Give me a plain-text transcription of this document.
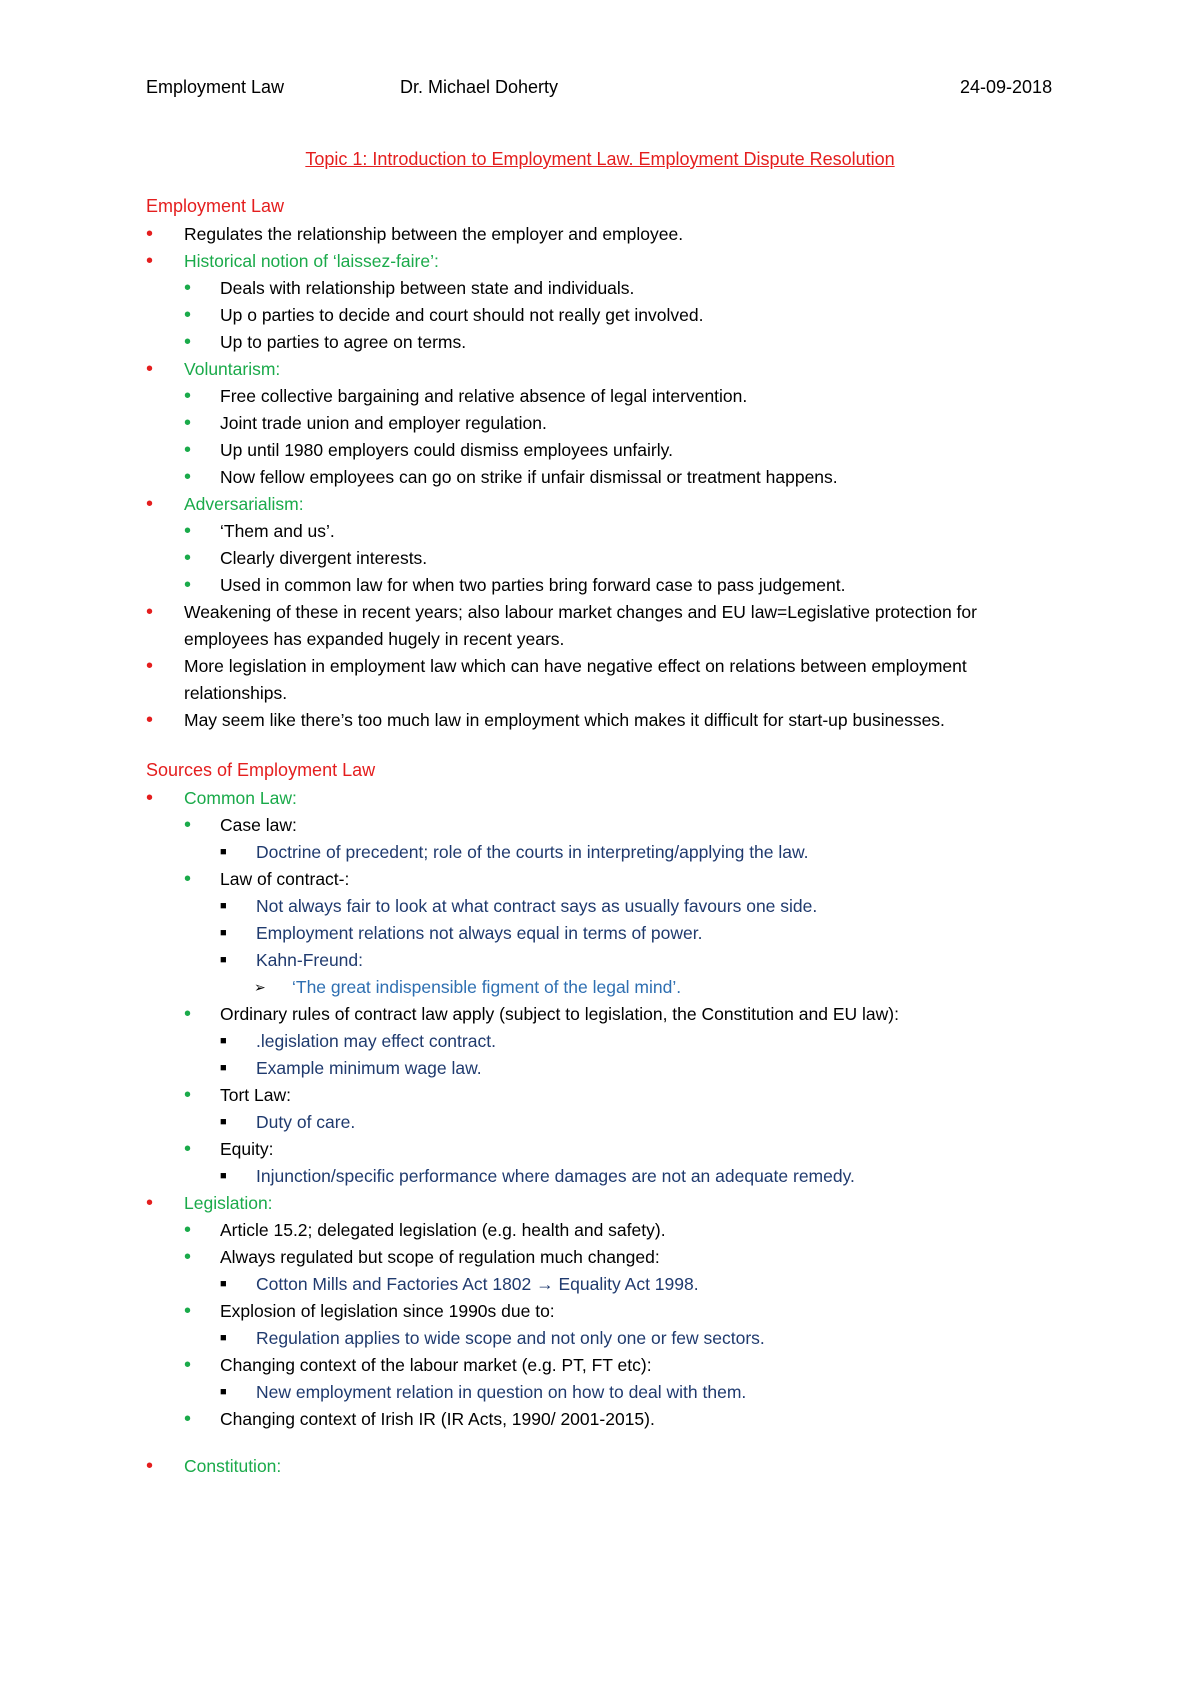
Employment Law	Dr. Michael Doherty	24-09-2018
Topic 1: Introduction to Employment Law. Employment Dispute Resolution
Employment Law
• Regulates the relationship between the employer and employee.
• Historical notion of ‘laissez-faire’:
• Deals with relationship between state and individuals.
• Up o parties to decide and court should not really get involved.
• Up to parties to agree on terms.
• Voluntarism:
• Free collective bargaining and relative absence of legal intervention.
• Joint trade union and employer regulation.
• Up until 1980 employers could dismiss employees unfairly.
• Now fellow employees can go on strike if unfair dismissal or treatment happens.
• Adversarialism:
• ‘Them and us’.
• Clearly divergent interests.
• Used in common law for when two parties bring forward case to pass judgement.
• Weakening of these in recent years; also labour market changes and EU law=Legislative protection for employees has expanded hugely in recent years.
• More legislation in employment law which can have negative effect on relations between employment relationships.
• May seem like there’s too much law in employment which makes it difficult for start-up businesses.
Sources of Employment Law
• Common Law:
• Case law:
■ Doctrine of precedent; role of the courts in interpreting/applying the law.
• Law of contract-:
■ Not always fair to look at what contract says as usually favours one side.
■ Employment relations not always equal in terms of power.
■ Kahn-Freund:
➢ ‘The great indispensible figment of the legal mind’.
• Ordinary rules of contract law apply (subject to legislation, the Constitution and EU law):
■ .legislation may effect contract.
■ Example minimum wage law.
• Tort Law:
■ Duty of care.
• Equity:
■ Injunction/specific performance where damages are not an adequate remedy.
• Legislation:
• Article 15.2; delegated legislation (e.g. health and safety).
• Always regulated but scope of regulation much changed:
■ Cotton Mills and Factories Act 1802 → Equality Act 1998.
• Explosion of legislation since 1990s due to:
■ Regulation applies to wide scope and not only one or few sectors.
• Changing context of the labour market (e.g. PT, FT etc):
■ New employment relation in question on how to deal with them.
• Changing context of Irish IR (IR Acts, 1990/ 2001-2015).
• Constitution:
